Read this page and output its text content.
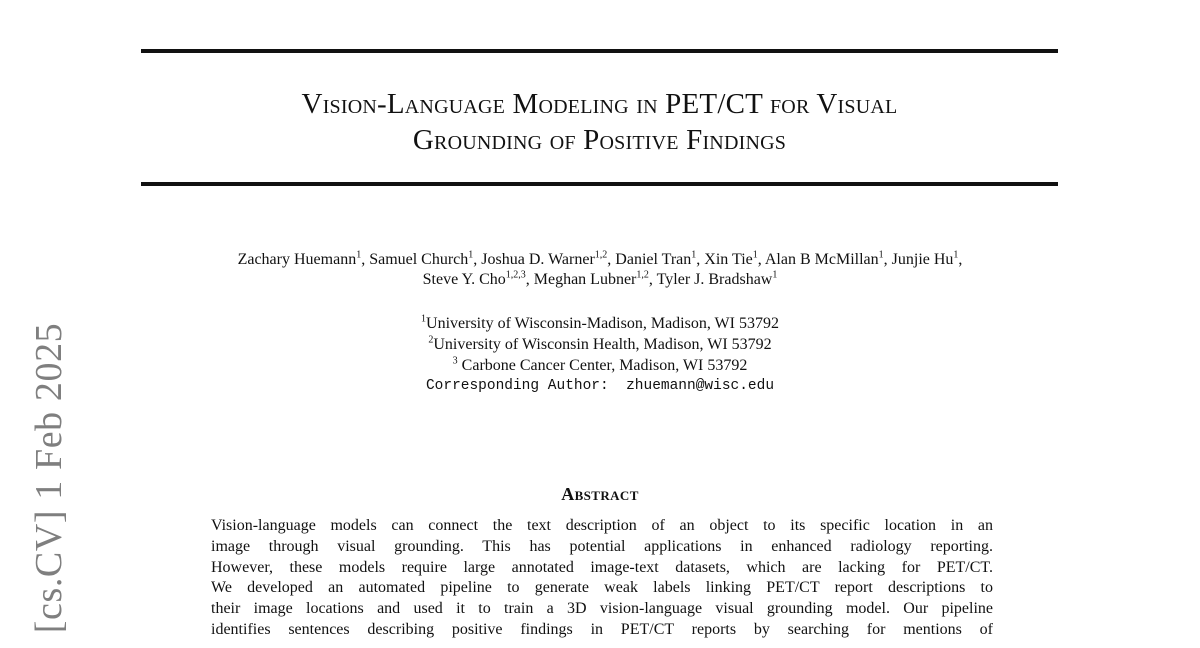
Vision-Language Modeling in PET/CT for Visual
Grounding of Positive Findings
Zachary Huemann$^1$, Samuel Church$^1$, Joshua D. Warner$^{1,2}$, Daniel Tran$^1$, Xin Tie$^1$, Alan B McMillan$^1$, Junjie Hu$^1$,
Steve Y. Cho$^{1,2,3}$, Meghan Lubner$^{1,2}$, Tyler J. Bradshaw$^1$
$^1$University of Wisconsin-Madison, Madison, WI 53792
$^2$University of Wisconsin Health, Madison, WI 53792
$^3$ Carbone Cancer Center, Madison, WI 53792
Corresponding Author:  zhuemann@wisc.edu
Abstract
Vision-language models can connect the text description of an object to its specific location in an
image through visual grounding. This has potential applications in enhanced radiology reporting.
However, these models require large annotated image-text datasets, which are lacking for PET/CT.
We developed an automated pipeline to generate weak labels linking PET/CT report descriptions to
their image locations and used it to train a 3D vision-language visual grounding model. Our pipeline
identifies sentences describing positive findings in PET/CT reports by searching for mentions of
[cs.CV] 1 Feb 2025
